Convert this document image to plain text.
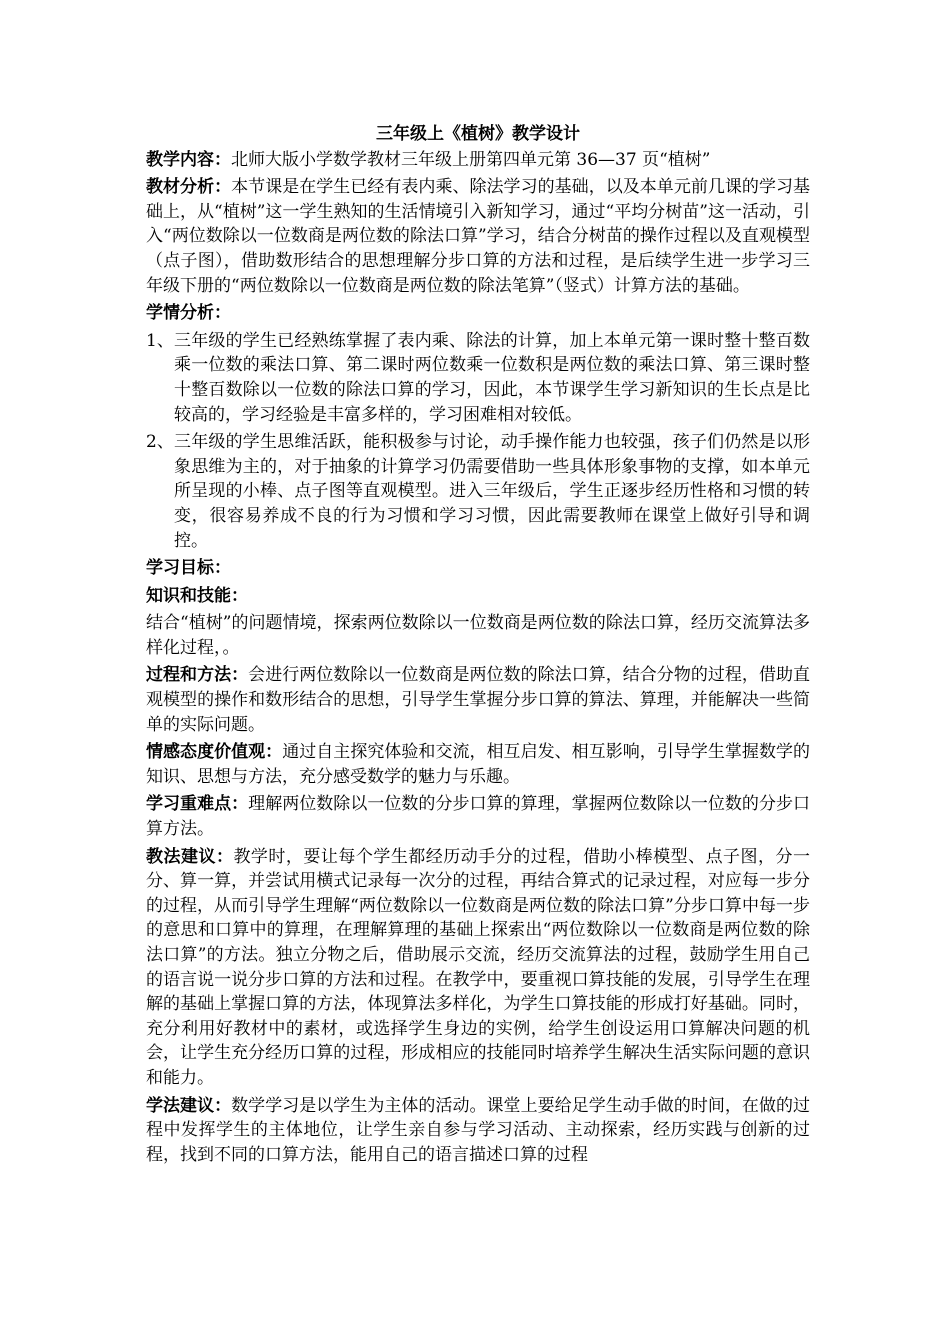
三年级上《植树》教学设计

教学内容：北师大版小学数学教材三年级上册第四单元第 36—37 页“植树”

教材分析：本节课是在学生已经有表内乘、除法学习的基础，以及本单元前几课的学习基础上，从“植树”这一学生熟知的生活情境引入新知学习，通过“平均分树苗”这一活动，引入“两位数除以一位数商是两位数的除法口算”学习，结合分树苗的操作过程以及直观模型（点子图），借助数形结合的思想理解分步口算的方法和过程，是后续学生进一步学习三年级下册的“两位数除以一位数商是两位数的除法笔算”（竖式）计算方法的基础。

学情分析：
1、 三年级的学生已经熟练掌握了表内乘、除法的计算，加上本单元第一课时整十整百数乘一位数的乘法口算、第二课时两位数乘一位数积是两位数的乘法口算、第三课时整十整百数除以一位数的除法口算的学习，因此，本节课学生学习新知识的生长点是比较高的，学习经验是丰富多样的，学习困难相对较低。
2、 三年级的学生思维活跃，能积极参与讨论，动手操作能力也较强，孩子们仍然是以形象思维为主的，对于抽象的计算学习仍需要借助一些具体形象事物的支撑，如本单元所呈现的小棒、点子图等直观模型。进入三年级后，学生正逐步经历性格和习惯的转变，很容易养成不良的行为习惯和学习习惯，因此需要教师在课堂上做好引导和调控。
学习目标：
知识和技能：

结合“植树”的问题情境，探索两位数除以一位数商是两位数的除法口算，经历交流算法多样化过程，。

过程和方法：会进行两位数除以一位数商是两位数的除法口算，结合分物的过程，借助直观模型的操作和数形结合的思想，引导学生掌握分步口算的算法、算理，并能解决一些简单的实际问题。

情感态度价值观：通过自主探究体验和交流，相互启发、相互影响，引导学生掌握数学的知识、思想与方法，充分感受数学的魅力与乐趣。

学习重难点：理解两位数除以一位数的分步口算的算理，掌握两位数除以一位数的分步口算方法。

教法建议：教学时，要让每个学生都经历动手分的过程，借助小棒模型、点子图，分一分、算一算，并尝试用横式记录每一次分的过程，再结合算式的记录过程，对应每一步分的过程，从而引导学生理解“两位数除以一位数商是两位数的除法口算”分步口算中每一步的意思和口算中的算理，在理解算理的基础上探索出“两位数除以一位数商是两位数的除法口算”的方法。独立分物之后，借助展示交流，经历交流算法的过程，鼓励学生用自己的语言说一说分步口算的方法和过程。在教学中，要重视口算技能的发展，引导学生在理解的基础上掌握口算的方法，体现算法多样化，为学生口算技能的形成打好基础。同时，充分利用好教材中的素材，或选择学生身边的实例，给学生创设运用口算解决问题的机会，让学生充分经历口算的过程，形成相应的技能同时培养学生解决生活实际问题的意识和能力。

学法建议：数学学习是以学生为主体的活动。课堂上要给足学生动手做的时间，在做的过程中发挥学生的主体地位，让学生亲自参与学习活动、主动探索，经历实践与创新的过程，找到不同的口算方法，能用自己的语言描述口算的过程
